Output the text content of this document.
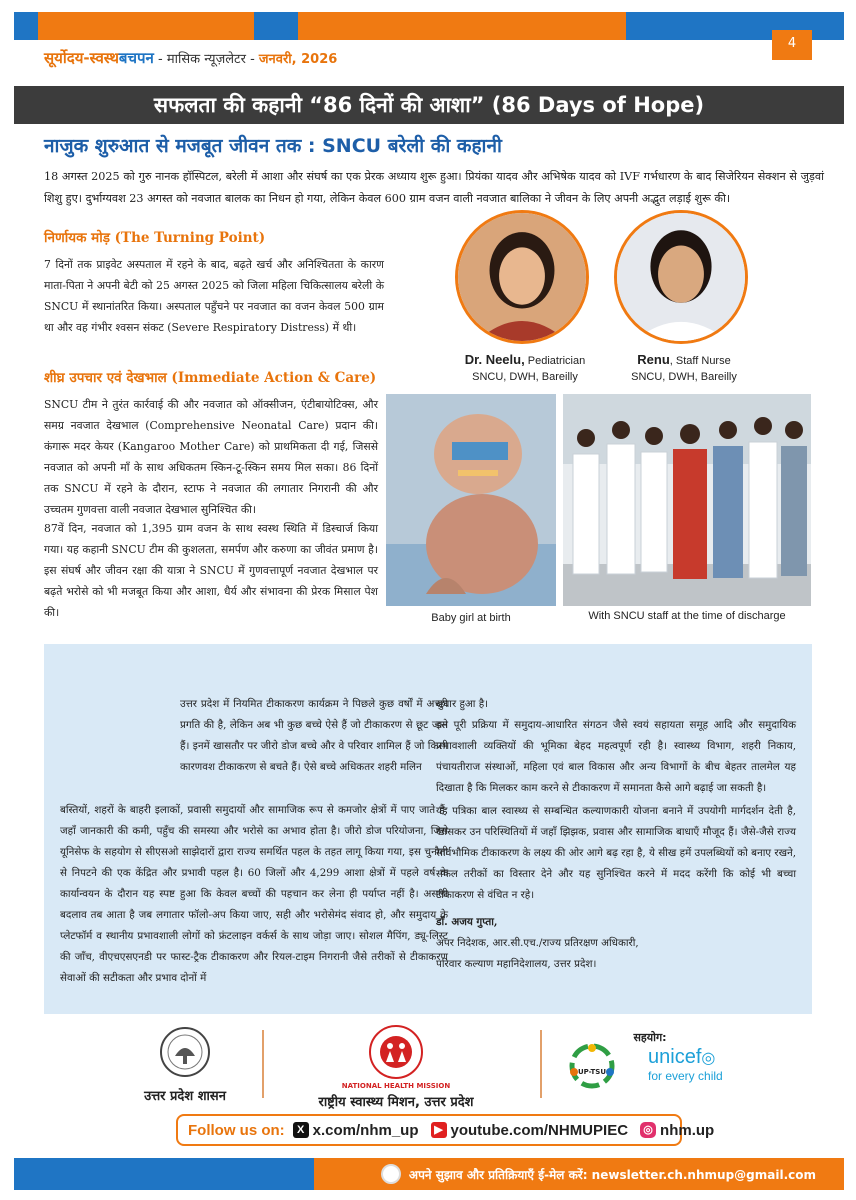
4
सूर्योदय-स्वस्थबचपन - मासिक न्यूज़लेटर - जनवरी, 2026
सफलता की कहानी “86 दिनों की आशा” (86 Days of Hope)
नाजुक शुरुआत से मजबूत जीवन तक : SNCU बरेली की कहानी
18 अगस्त 2025 को गुरु नानक हॉस्पिटल, बरेली में आशा और संघर्ष का एक प्रेरक अध्याय शुरू हुआ। प्रियंका यादव और अभिषेक यादव को IVF गर्भधारण के बाद सिजेरियन सेक्शन से जुड़वां शिशु हुए। दुर्भाग्यवश 23 अगस्त को नवजात बालक का निधन हो गया, लेकिन केवल 600 ग्राम वजन वाली नवजात बालिका ने जीवन के लिए अपनी अद्भुत लड़ाई शुरू की।
निर्णायक मोड़ (The Turning Point)
7 दिनों तक प्राइवेट अस्पताल में रहने के बाद, बढ़ते खर्च और अनिश्चितता के कारण माता-पिता ने अपनी बेटी को 25 अगस्त 2025 को जिला महिला चिकित्सालय बरेली के SNCU में स्थानांतरित किया। अस्पताल पहुँचने पर नवजात का वजन केवल 500 ग्राम था और वह गंभीर श्वसन संकट (Severe Respiratory Distress) में थी।
शीघ्र उपचार एवं देखभाल (Immediate Action & Care)
SNCU टीम ने तुरंत कार्रवाई की और नवजात को ऑक्सीजन, एंटीबायोटिक्स, और समग्र नवजात देखभाल (Comprehensive Neonatal Care) प्रदान की। कंगारू मदर केयर (Kangaroo Mother Care) को प्राथमिकता दी गई, जिससे नवजात को अपनी माँ के साथ अधिकतम स्किन-टू-स्किन समय मिल सका। 86 दिनों तक SNCU में रहने के दौरान, स्टाफ ने नवजात की लगातार निगरानी की और उच्चतम गुणवत्ता वाली नवजात देखभाल सुनिश्चित की।
87वें दिन, नवजात को 1,395 ग्राम वजन के साथ स्वस्थ स्थिति में डिस्चार्ज किया गया। यह कहानी SNCU टीम की कुशलता, समर्पण और करुणा का जीवंत प्रमाण है। इस संघर्ष और जीवन रक्षा की यात्रा ने SNCU में गुणवत्तापूर्ण नवजात देखभाल पर बढ़ते भरोसे को भी मजबूत किया और आशा, धैर्य और संभावना की प्रेरक मिसाल पेश की।
Dr. Neelu, Pediatrician
SNCU, DWH, Bareilly
Renu, Staff Nurse
SNCU, DWH, Bareilly
Baby girl at birth	With SNCU staff at the time of discharge

उत्तर प्रदेश में नियमित टीकाकरण कार्यक्रम ने पिछले कुछ वर्षों में अच्छी प्रगति की है, लेकिन अब भी कुछ बच्चे ऐसे हैं जो टीकाकरण से छूट जाते हैं। इनमें खासतौर पर जीरो डोज बच्चे और वे परिवार शामिल हैं जो किसी कारणवश टीकाकरण से बचते हैं। ऐसे बच्चे अधिकतर शहरी मलिन

बस्तियों, शहरों के बाहरी इलाकों, प्रवासी समुदायों और सामाजिक रूप से कमजोर क्षेत्रों में पाए जाते हैं, जहाँ जानकारी की कमी, पहुँच की समस्या और भरोसे का अभाव होता है। जीरो डोज परियोजना, जिसे यूनिसेफ के सहयोग से सीएसओ साझेदारों द्वारा राज्य समर्थित पहल के तहत लागू किया गया, इस चुनौती से निपटने की एक केंद्रित और प्रभावी पहल है। 60 जिलों और 4,299 आशा क्षेत्रों में पहले वर्ष के कार्यान्वयन के दौरान यह स्पष्ट हुआ कि केवल बच्चों की पहचान कर लेना ही पर्याप्त नहीं है। असली बदलाव तब आता है जब लगातार फॉलो-अप किया जाए, सही और भरोसेमंद संवाद हो, और समुदाय के प्लेटफॉर्म व स्थानीय प्रभावशाली लोगों को फ्रंटलाइन वर्कर्स के साथ जोड़ा जाए। सोशल मैपिंग, ड्यू-लिस्ट की जाँच, वीएचएसएनडी पर फास्ट-ट्रैक टीकाकरण और रियल-टाइम निगरानी जैसे तरीकों से टीकाकरण सेवाओं की सटीकता और प्रभाव दोनों में

सुधार हुआ है।

इस पूरी प्रक्रिया में समुदाय-आधारित संगठन जैसे स्वयं सहायता समूह आदि और समुदायिक प्रभावशाली व्यक्तियों की भूमिका बेहद महत्वपूर्ण रही है। स्वास्थ्य विभाग, शहरी निकाय, पंचायतीराज संस्थाओं, महिला एवं बाल विकास और अन्य विभागों के बीच बेहतर तालमेल यह दिखाता है कि मिलकर काम करने से टीकाकरण में समानता कैसे आगे बढ़ाई जा सकती है।

यह पत्रिका बाल स्वास्थ्य से सम्बन्धित कल्याणकारी योजना बनाने में उपयोगी मार्गदर्शन देती है, खासकर उन परिस्थितियों में जहाँ झिझक, प्रवास और सामाजिक बाधाएँ मौजूद हैं। जैसे-जैसे राज्य सार्वभौमिक टीकाकरण के लक्ष्य की ओर आगे बढ़ रहा है, ये सीख हमें उपलब्धियों को बनाए रखने, सफल तरीकों का विस्तार देने और यह सुनिश्चित करने में मदद करेंगी कि कोई भी बच्चा टीकाकरण से वंचित न रहे।

डॉ. अजय गुप्ता,

अपर निदेशक, आर.सी.एच./राज्य प्रतिरक्षण अधिकारी,

परिवार कल्याण महानिदेशालय, उत्तर प्रदेश।

उत्तर प्रदेश शासन
NATIONAL HEALTH MISSION
राष्ट्रीय स्वास्थ्य मिशन, उत्तर प्रदेश
सहयोग:
UP-TSU
unicef◎
for every child
Follow us on:	X x.com/nhm_up	▶ youtube.com/NHMUPIEC ◎ nhm.up
अपने सुझाव और प्रतिक्रियाएँ ई-मेल करें: newsletter.ch.nhmup@gmail.com
